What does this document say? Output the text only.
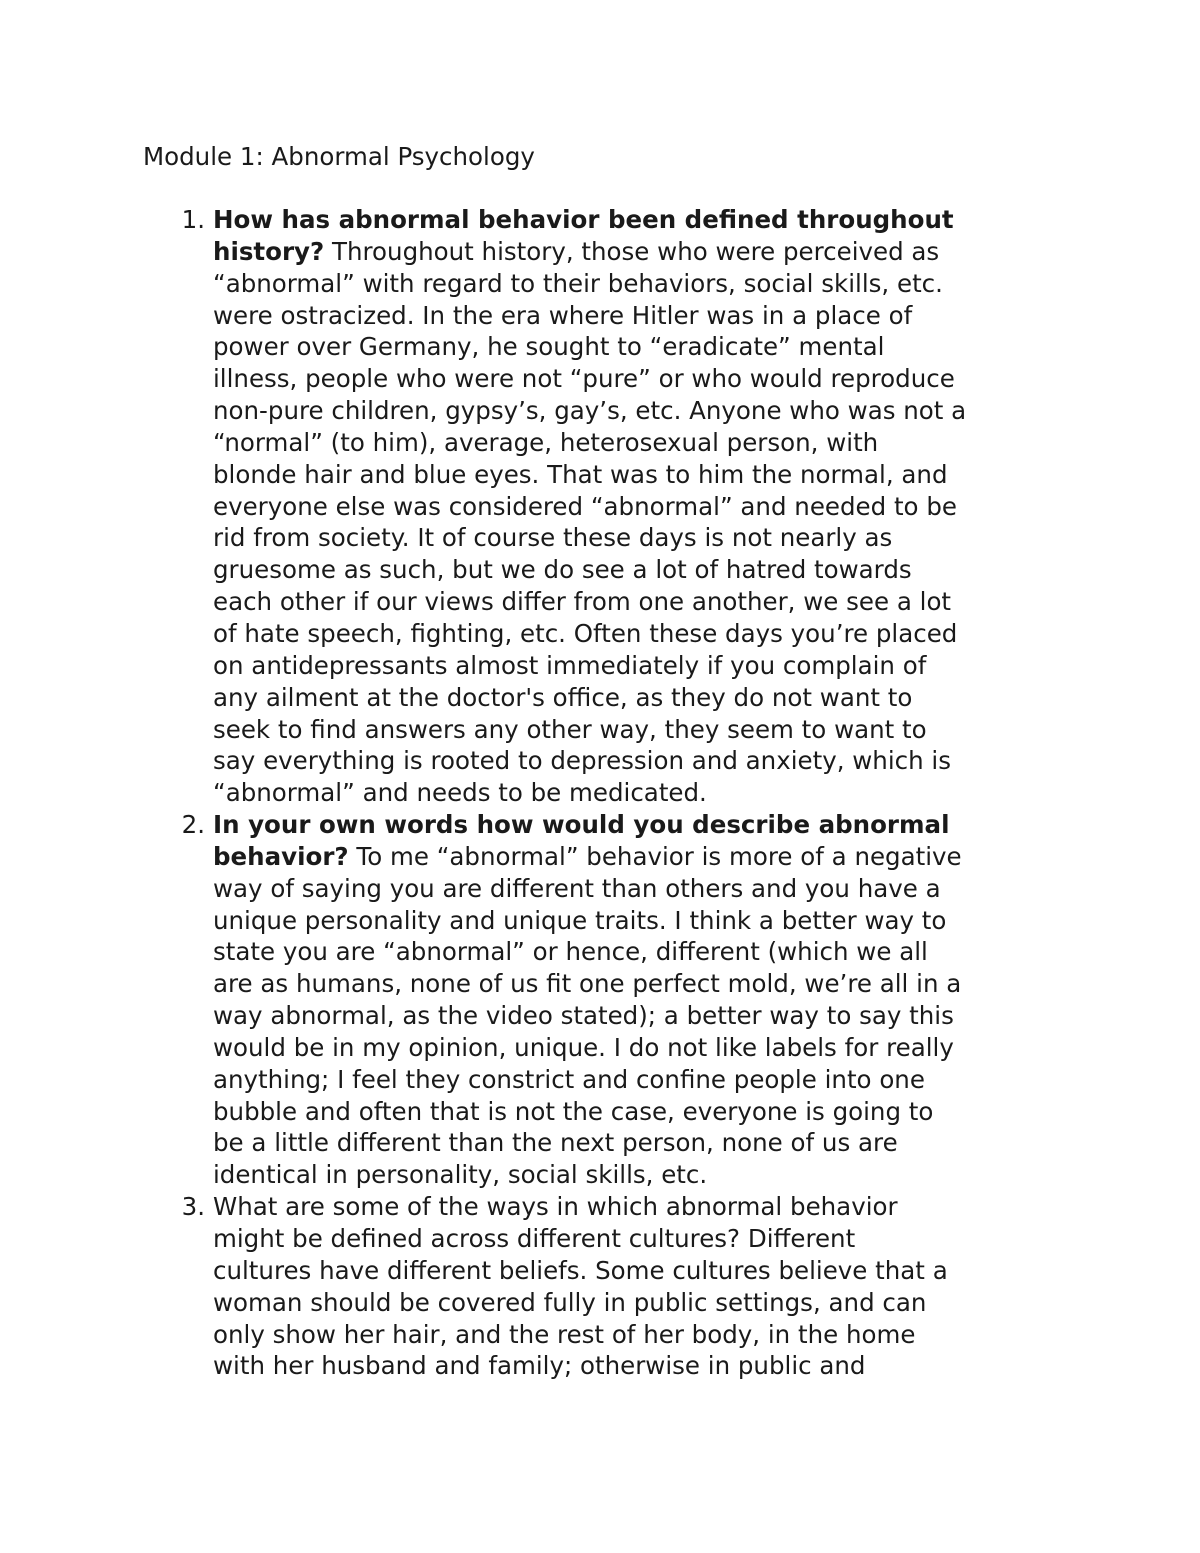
Module 1: Abnormal Psychology
1. How has abnormal behavior been defined throughout
history? Throughout history, those who were perceived as
“abnormal” with regard to their behaviors, social skills, etc.
were ostracized. In the era where Hitler was in a place of
power over Germany, he sought to “eradicate” mental
illness, people who were not “pure” or who would reproduce
non-pure children, gypsy’s, gay’s, etc. Anyone who was not a
“normal” (to him), average, heterosexual person, with
blonde hair and blue eyes. That was to him the normal, and
everyone else was considered “abnormal” and needed to be
rid from society. It of course these days is not nearly as
gruesome as such, but we do see a lot of hatred towards
each other if our views differ from one another, we see a lot
of hate speech, fighting, etc. Often these days you’re placed
on antidepressants almost immediately if you complain of
any ailment at the doctor's office, as they do not want to
seek to find answers any other way, they seem to want to
say everything is rooted to depression and anxiety, which is
“abnormal” and needs to be medicated.
2. In your own words how would you describe abnormal
behavior? To me “abnormal” behavior is more of a negative
way of saying you are different than others and you have a
unique personality and unique traits. I think a better way to
state you are “abnormal” or hence, different (which we all
are as humans, none of us fit one perfect mold, we’re all in a
way abnormal, as the video stated); a better way to say this
would be in my opinion, unique. I do not like labels for really
anything; I feel they constrict and confine people into one
bubble and often that is not the case, everyone is going to
be a little different than the next person, none of us are
identical in personality, social skills, etc.
3. What are some of the ways in which abnormal behavior
might be defined across different cultures? Different
cultures have different beliefs. Some cultures believe that a
woman should be covered fully in public settings, and can
only show her hair, and the rest of her body, in the home
with her husband and family; otherwise in public and
